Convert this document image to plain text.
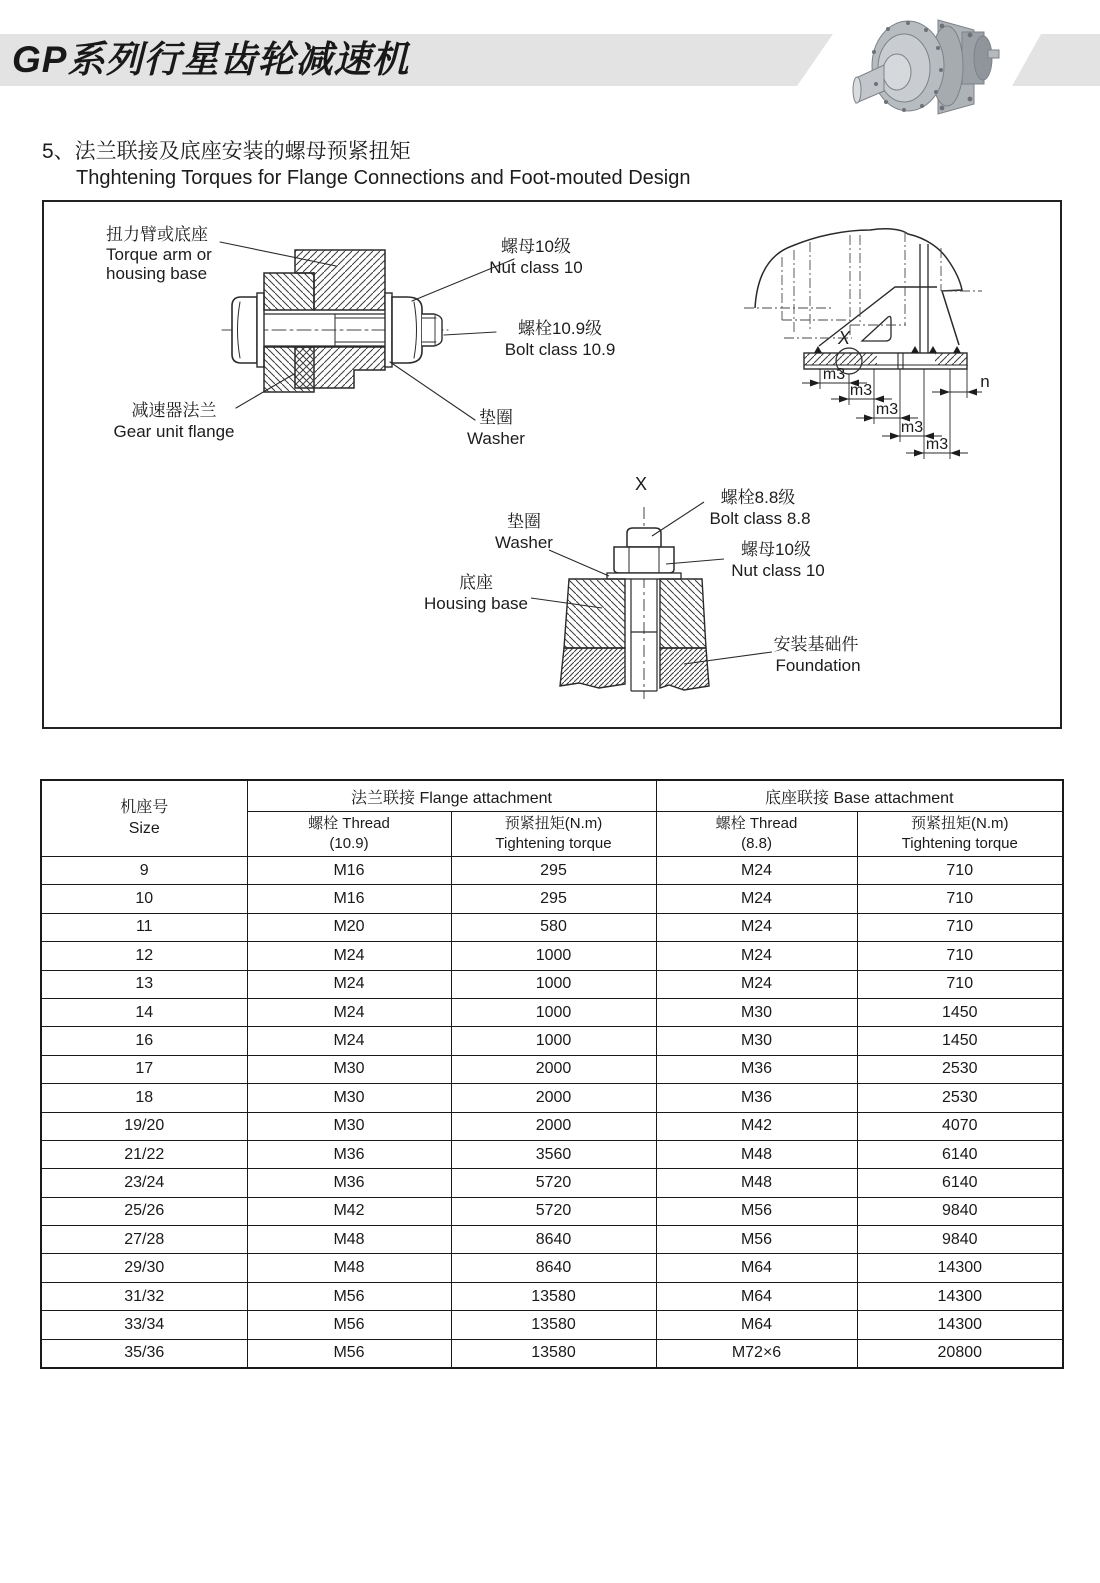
GP系列行星齿轮减速机
5、法兰联接及底座安装的螺母预紧扭矩
Thghtening Torques for Flange Connections and Foot-mouted Design
扭力臂或底座
Torque arm or
housing base
螺母10级
Nut class 10
螺栓10.9级
Bolt class 10.9
减速器法兰
Gear unit flange
垫圈
Washer
X
m3
m3
m3
m3
m3
n
X
螺栓8.8级
Bolt class 8.8
垫圈
Washer	螺母10级
Nut class 10
底座
Housing base
安装基础件
Foundation
机座号
Size	法兰联接 Flange attachment		底座联接 Base attachment	

螺栓 Thread
(10.9)

预紧扭矩(N.m)
Tightening torque

螺栓 Thread
(8.8)

预紧扭矩(N.m)
Tightening torque

9	M16	295	M24	710
10	M16	295	M24	710
11	M20	580	M24	710
12	M24	1000	M24	710
13	M24	1000	M24	710
14	M24	1000	M30	1450
16	M24	1000	M30	1450
17	M30	2000	M36	2530
18	M30	2000	M36	2530
19/20	M30	2000	M42	4070
21/22	M36	3560	M48	6140
23/24	M36	5720	M48	6140
25/26	M42	5720	M56	9840
27/28	M48	8640	M56	9840
29/30	M48	8640	M64	14300
31/32	M56	13580	M64	14300
33/34	M56	13580	M64	14300
35/36	M56	13580	M72×6	20800
